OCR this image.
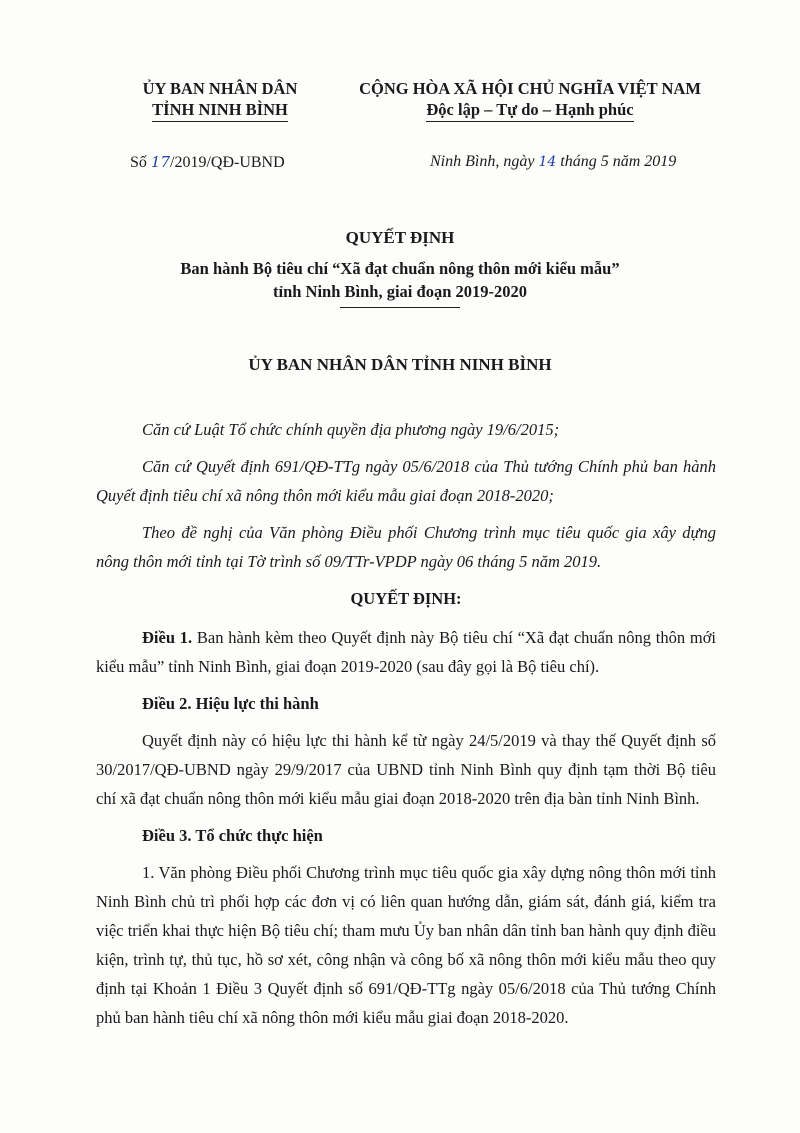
ỦY BAN NHÂN DÂN
TỈNH NINH BÌNH
CỘNG HÒA XÃ HỘI CHỦ NGHĨA VIỆT NAM
Độc lập – Tự do – Hạnh phúc
Số 17/2019/QĐ-UBND	Ninh Bình, ngày 14 tháng 5 năm 2019
QUYẾT ĐỊNH
Ban hành Bộ tiêu chí “Xã đạt chuẩn nông thôn mới kiểu mẫu”
tỉnh Ninh Bình, giai đoạn 2019-2020
ỦY BAN NHÂN DÂN TỈNH NINH BÌNH

Căn cứ Luật Tổ chức chính quyền địa phương ngày 19/6/2015;

Căn cứ Quyết định 691/QĐ-TTg ngày 05/6/2018 của Thủ tướng Chính phủ ban hành Quyết định tiêu chí xã nông thôn mới kiểu mẫu giai đoạn 2018-2020;

Theo đề nghị của Văn phòng Điều phối Chương trình mục tiêu quốc gia xây dựng nông thôn mới tỉnh tại Tờ trình số 09/TTr-VPDP ngày 06 tháng 5 năm 2019.

QUYẾT ĐỊNH:

Điều 1. Ban hành kèm theo Quyết định này Bộ tiêu chí “Xã đạt chuẩn nông thôn mới kiểu mẫu” tỉnh Ninh Bình, giai đoạn 2019-2020 (sau đây gọi là Bộ tiêu chí).

Điều 2. Hiệu lực thi hành

Quyết định này có hiệu lực thi hành kể từ ngày 24/5/2019 và thay thế Quyết định số 30/2017/QĐ-UBND ngày 29/9/2017 của UBND tỉnh Ninh Bình quy định tạm thời Bộ tiêu chí xã đạt chuẩn nông thôn mới kiểu mẫu giai đoạn 2018-2020 trên địa bàn tỉnh Ninh Bình.

Điều 3. Tổ chức thực hiện

1. Văn phòng Điều phối Chương trình mục tiêu quốc gia xây dựng nông thôn mới tỉnh Ninh Bình chủ trì phối hợp các đơn vị có liên quan hướng dẫn, giám sát, đánh giá, kiểm tra việc triển khai thực hiện Bộ tiêu chí; tham mưu Ủy ban nhân dân tỉnh ban hành quy định điều kiện, trình tự, thủ tục, hồ sơ xét, công nhận và công bố xã nông thôn mới kiểu mẫu theo quy định tại Khoản 1 Điều 3 Quyết định số 691/QĐ-TTg ngày 05/6/2018 của Thủ tướng Chính phủ ban hành tiêu chí xã nông thôn mới kiểu mẫu giai đoạn 2018-2020.
